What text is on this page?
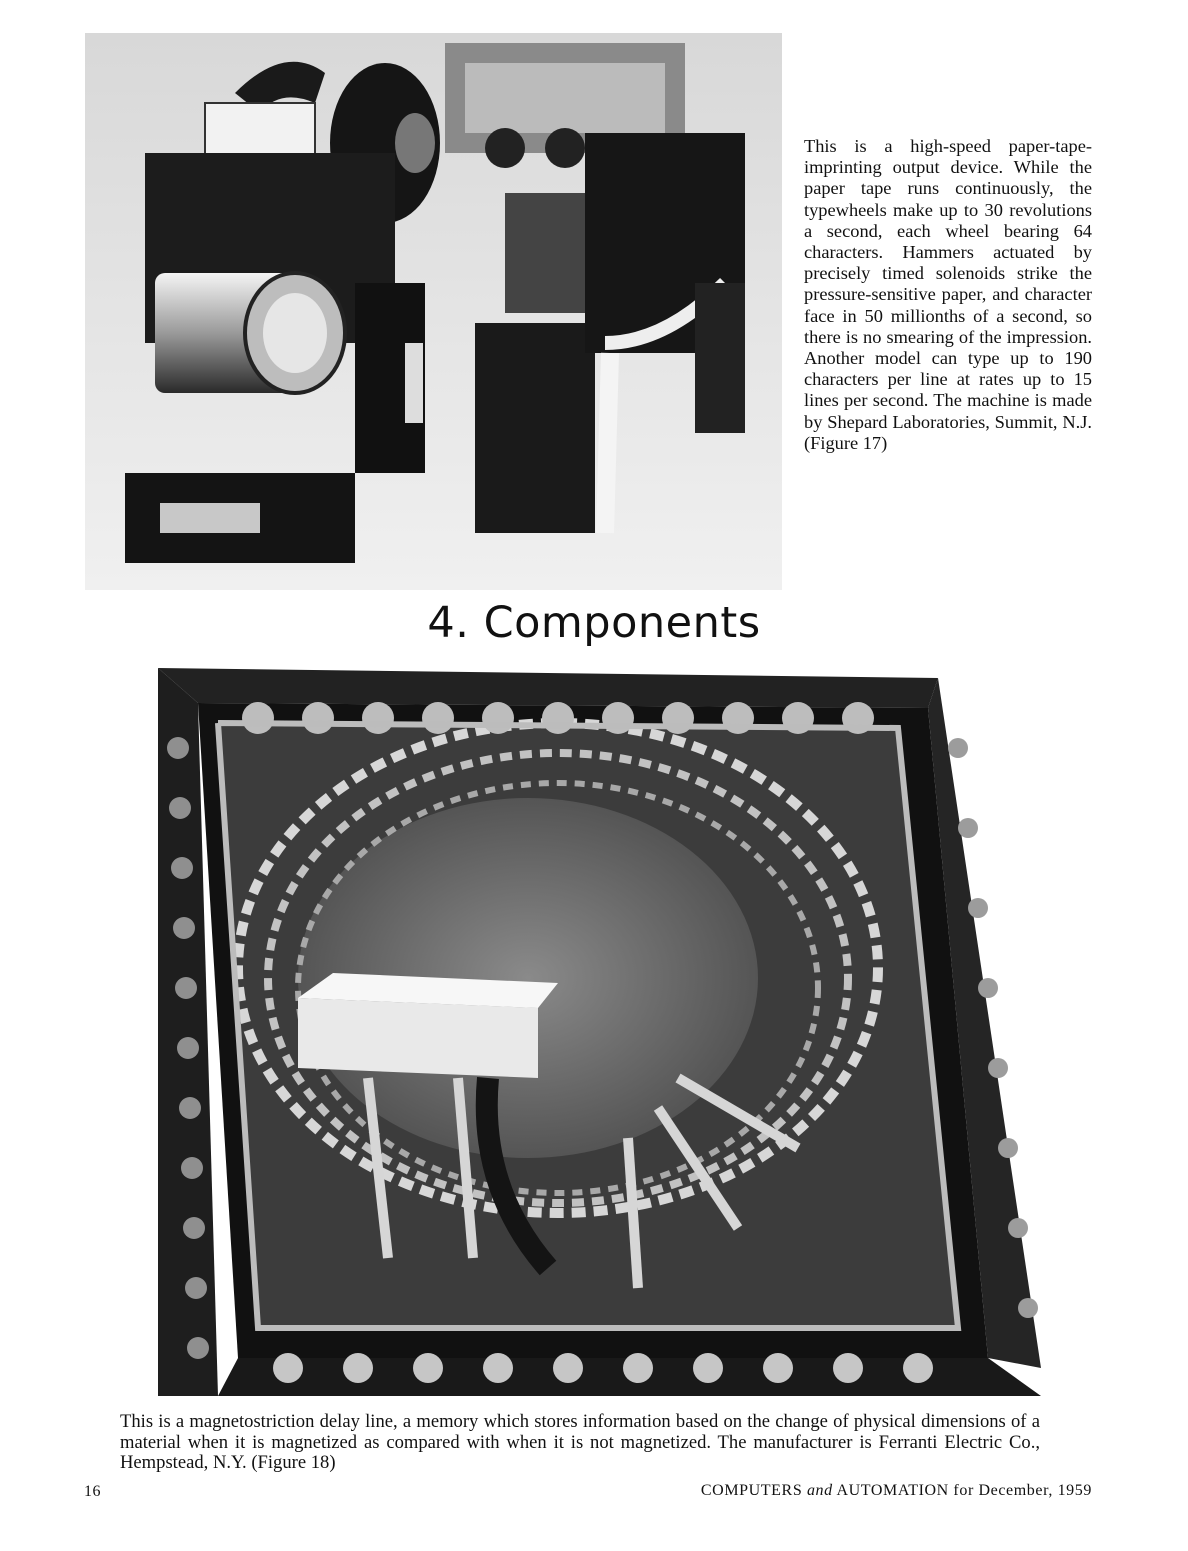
This is a high-speed paper-tape-imprinting output device. While the paper tape runs continuously, the typewheels make up to 30 revolutions a second, each wheel bearing 64 characters. Hammers actuated by precisely timed solenoids strike the pressure-sensitive paper, and character face in 50 millionths of a second, so there is no smearing of the impression. Another model can type up to 190 characters per line at rates up to 15 lines per second. The machine is made by Shepard Laboratories, Summit, N.J. (Figure 17)
4. Components
This is a magnetostriction delay line, a memory which stores information based on the change of physical dimensions of a material when it is magnetized as compared with when it is not magnetized. The manufacturer is Ferranti Electric Co., Hempstead, N.Y. (Figure 18)
16	COMPUTERS and AUTOMATION for December, 1959
